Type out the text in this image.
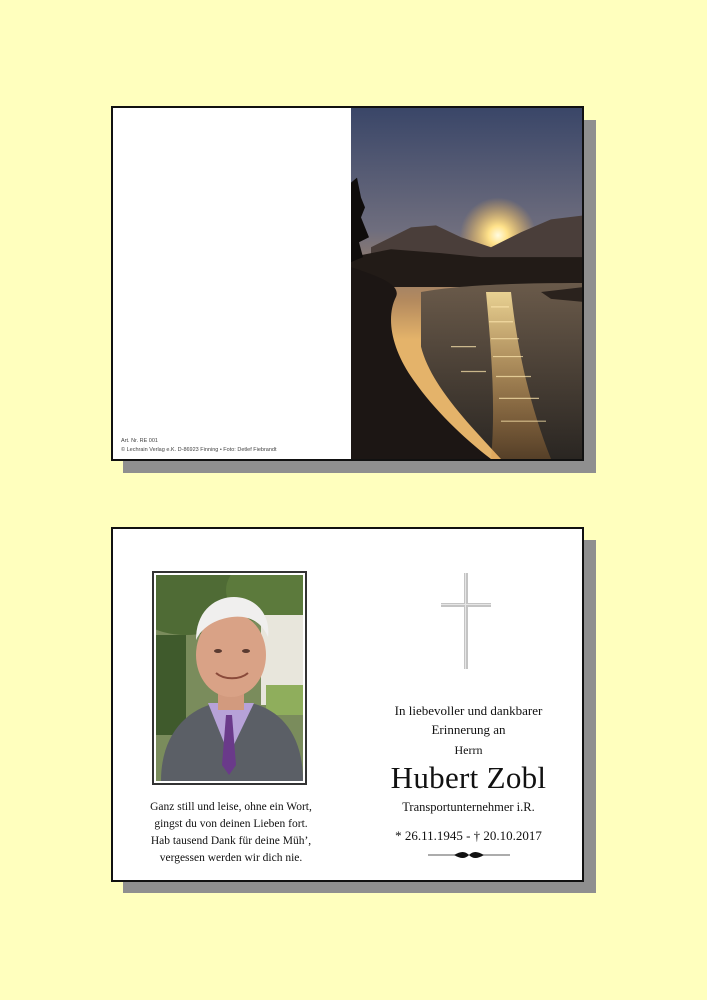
Art. Nr. RE 001
© Lechrain Verlag e.K. D-86923 Finning • Foto: Detlef Fiebrandt
Ganz still und leise, ohne ein Wort,
gingst du von deinen Lieben fort.
Hab tausend Dank für deine Müh’,
vergessen werden wir dich nie.
In liebevoller und dankbarer
Erinnerung an
Herrn
Hubert Zobl
Transportunternehmer i.R.
* 26.11.1945 - † 20.10.2017
